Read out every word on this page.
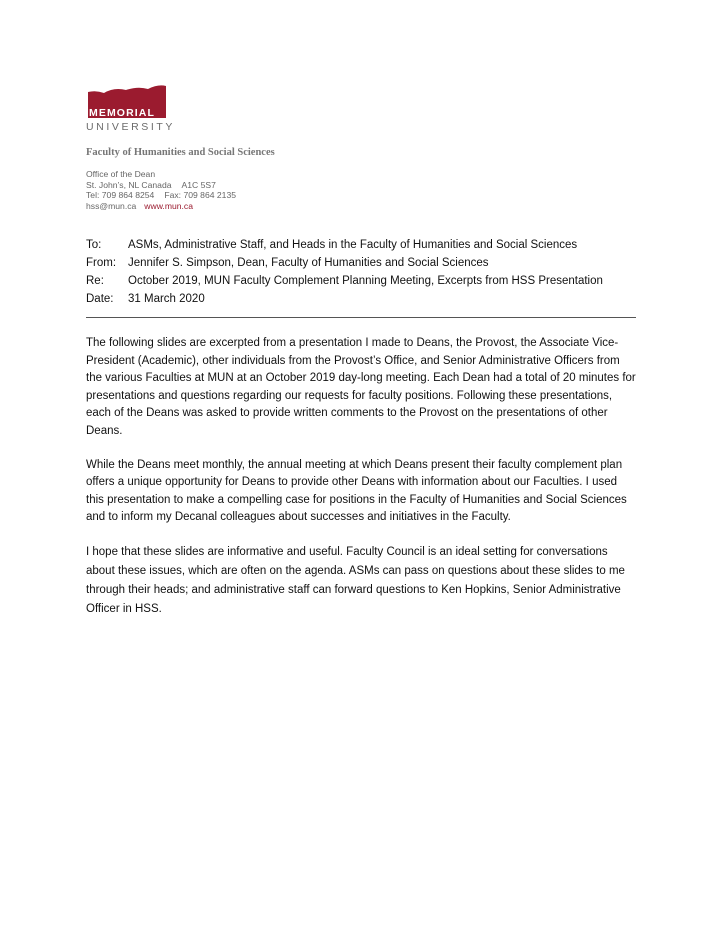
MEMORIAL
UNIVERSITY
Faculty of Humanities and Social Sciences
Office of the Dean
St. John’s, NL Canada A1C 5S7
Tel: 709 864 8254 Fax: 709 864 2135
hss@mun.ca www.mun.ca
To:	ASMs, Administrative Staff, and Heads in the Faculty of Humanities and Social Sciences
From:	Jennifer S. Simpson, Dean, Faculty of Humanities and Social Sciences
Re:	October 2019, MUN Faculty Complement Planning Meeting, Excerpts from HSS Presentation
Date:	31 March 2020

The following slides are excerpted from a presentation I made to Deans, the Provost, the Associate Vice-President (Academic), other individuals from the Provost’s Office, and Senior Administrative Officers from the various Faculties at MUN at an October 2019 day-long meeting. Each Dean had a total of 20 minutes for presentations and questions regarding our requests for faculty positions. Following these presentations, each of the Deans was asked to provide written comments to the Provost on the presentations of other Deans.

While the Deans meet monthly, the annual meeting at which Deans present their faculty complement plan offers a unique opportunity for Deans to provide other Deans with information about our Faculties. I used this presentation to make a compelling case for positions in the Faculty of Humanities and Social Sciences and to inform my Decanal colleagues about successes and initiatives in the Faculty.

I hope that these slides are informative and useful. Faculty Council is an ideal setting for conversations about these issues, which are often on the agenda. ASMs can pass on questions about these slides to me through their heads; and administrative staff can forward questions to Ken Hopkins, Senior Administrative Officer in HSS.
